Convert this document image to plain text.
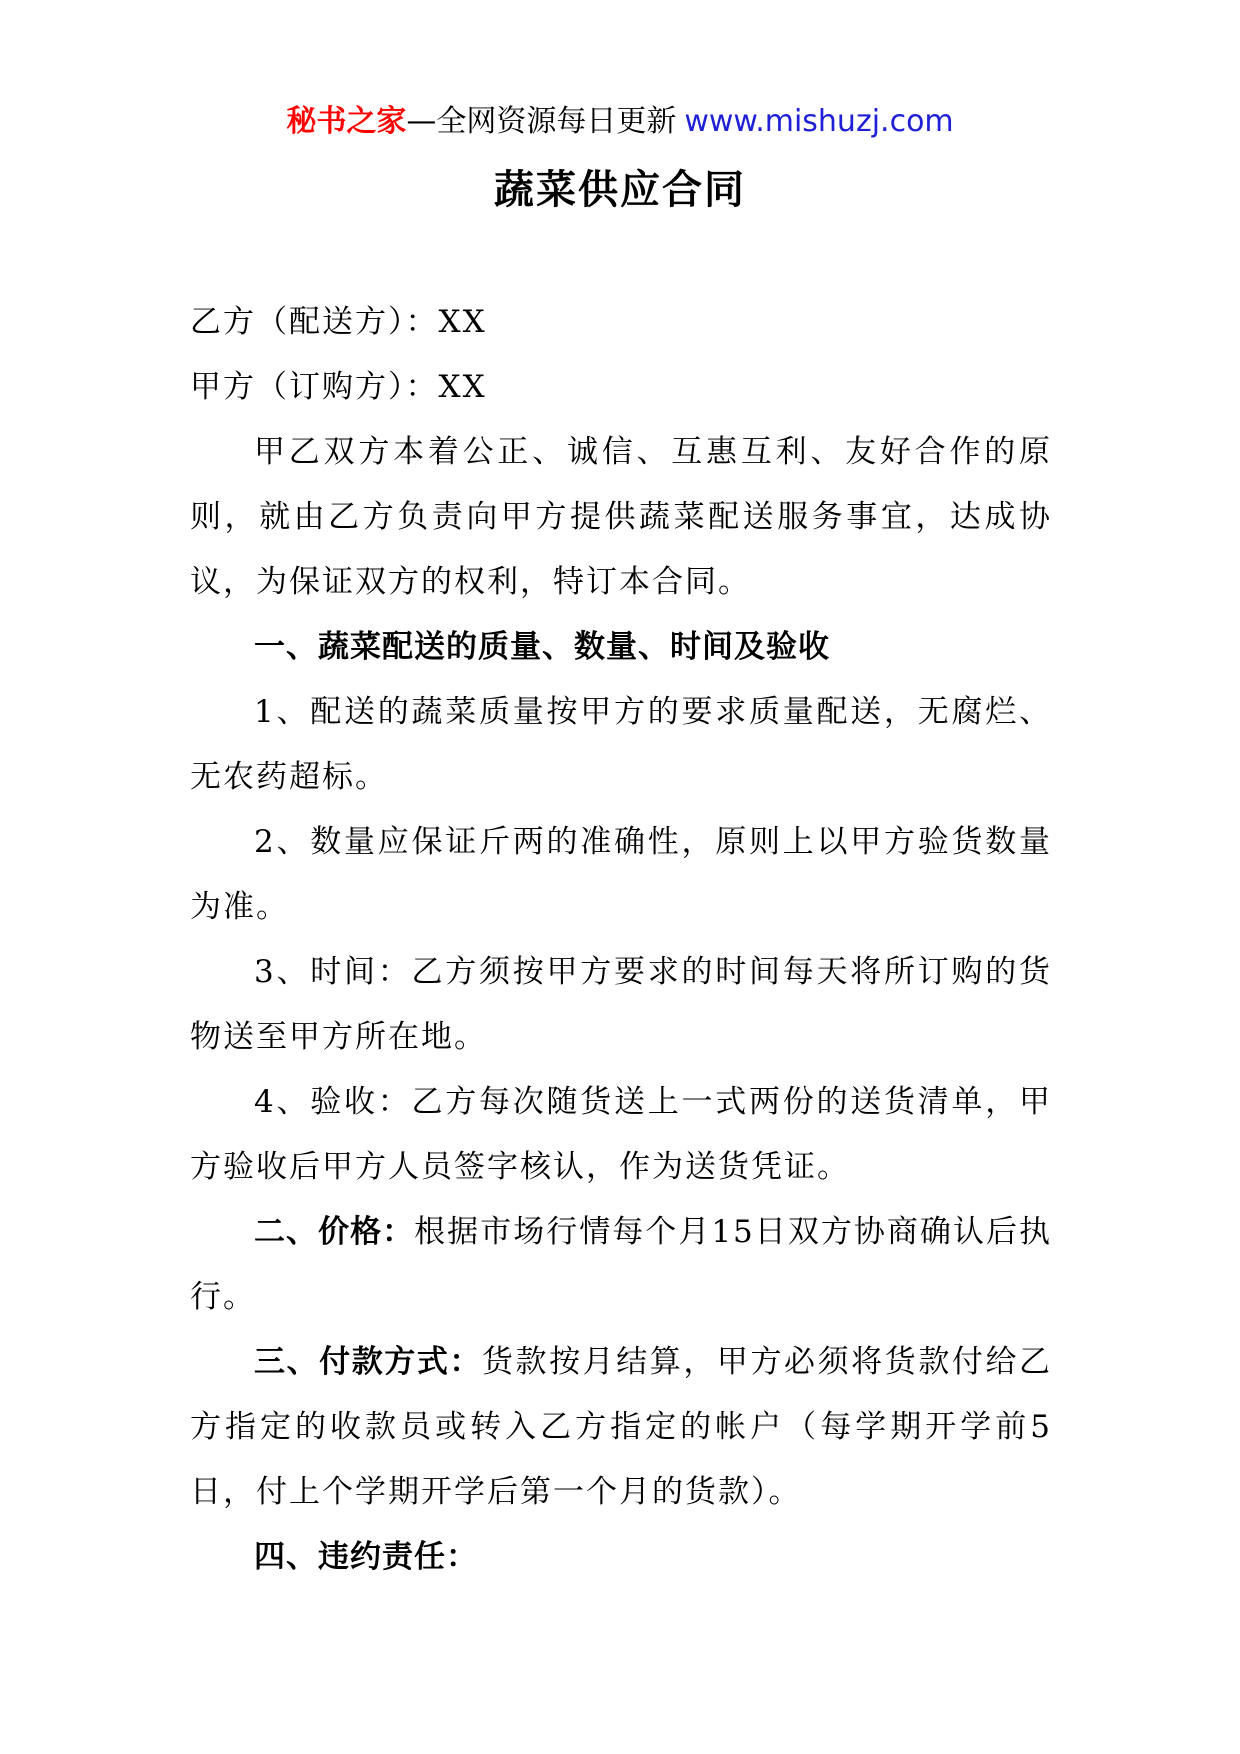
秘书之家—全网资源每日更新 www.mishuzj.com
蔬菜供应合同

乙方（配送方）：XX

甲方（订购方）：XX

甲乙双方本着公正、诚信、互惠互利、友好合作的原则，就由乙方负责向甲方提供蔬菜配送服务事宜，达成协议，为保证双方的权利，特订本合同。

一、蔬菜配送的质量、数量、时间及验收

1、配送的蔬菜质量按甲方的要求质量配送，无腐烂、无农药超标。

2、数量应保证斤两的准确性，原则上以甲方验货数量为准。

3、时间：乙方须按甲方要求的时间每天将所订购的货物送至甲方所在地。

4、验收：乙方每次随货送上一式两份的送货清单，甲方验收后甲方人员签字核认，作为送货凭证。

二、价格：根据市场行情每个月15日双方协商确认后执行。

三、付款方式：货款按月结算，甲方必须将货款付给乙方指定的收款员或转入乙方指定的帐户（每学期开学前5日，付上个学期开学后第一个月的货款）。

四、违约责任：
